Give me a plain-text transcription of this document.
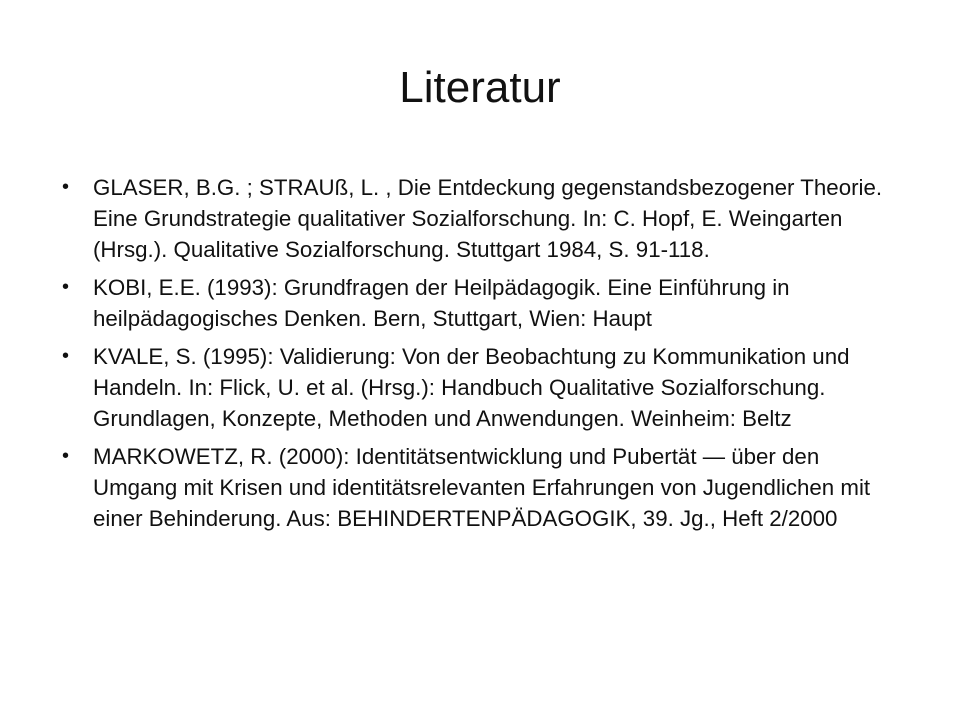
Literatur
• GLASER, B.G. ; STRAUß, L. , Die Entdeckung gegenstandsbezogener Theorie. Eine Grundstrategie qualitativer Sozialforschung. In: C. Hopf, E. Weingarten (Hrsg.). Qualitative Sozialforschung. Stuttgart 1984, S. 91-118.
• KOBI, E.E. (1993): Grundfragen der Heilpädagogik. Eine Einführung in heilpädagogisches Denken. Bern, Stuttgart, Wien: Haupt
• KVALE, S. (1995): Validierung: Von der Beobachtung zu Kommunikation und Handeln. In: Flick, U. et al. (Hrsg.): Handbuch Qualitative Sozialforschung. Grundlagen, Konzepte, Methoden und Anwendungen. Weinheim: Beltz
• MARKOWETZ, R. (2000): Identitätsentwicklung und Pubertät — über den Umgang mit Krisen und identitätsrelevanten Erfahrungen von Jugendlichen mit einer Behinderung. Aus: BEHINDERTENPÄDAGOGIK, 39. Jg., Heft 2/2000
